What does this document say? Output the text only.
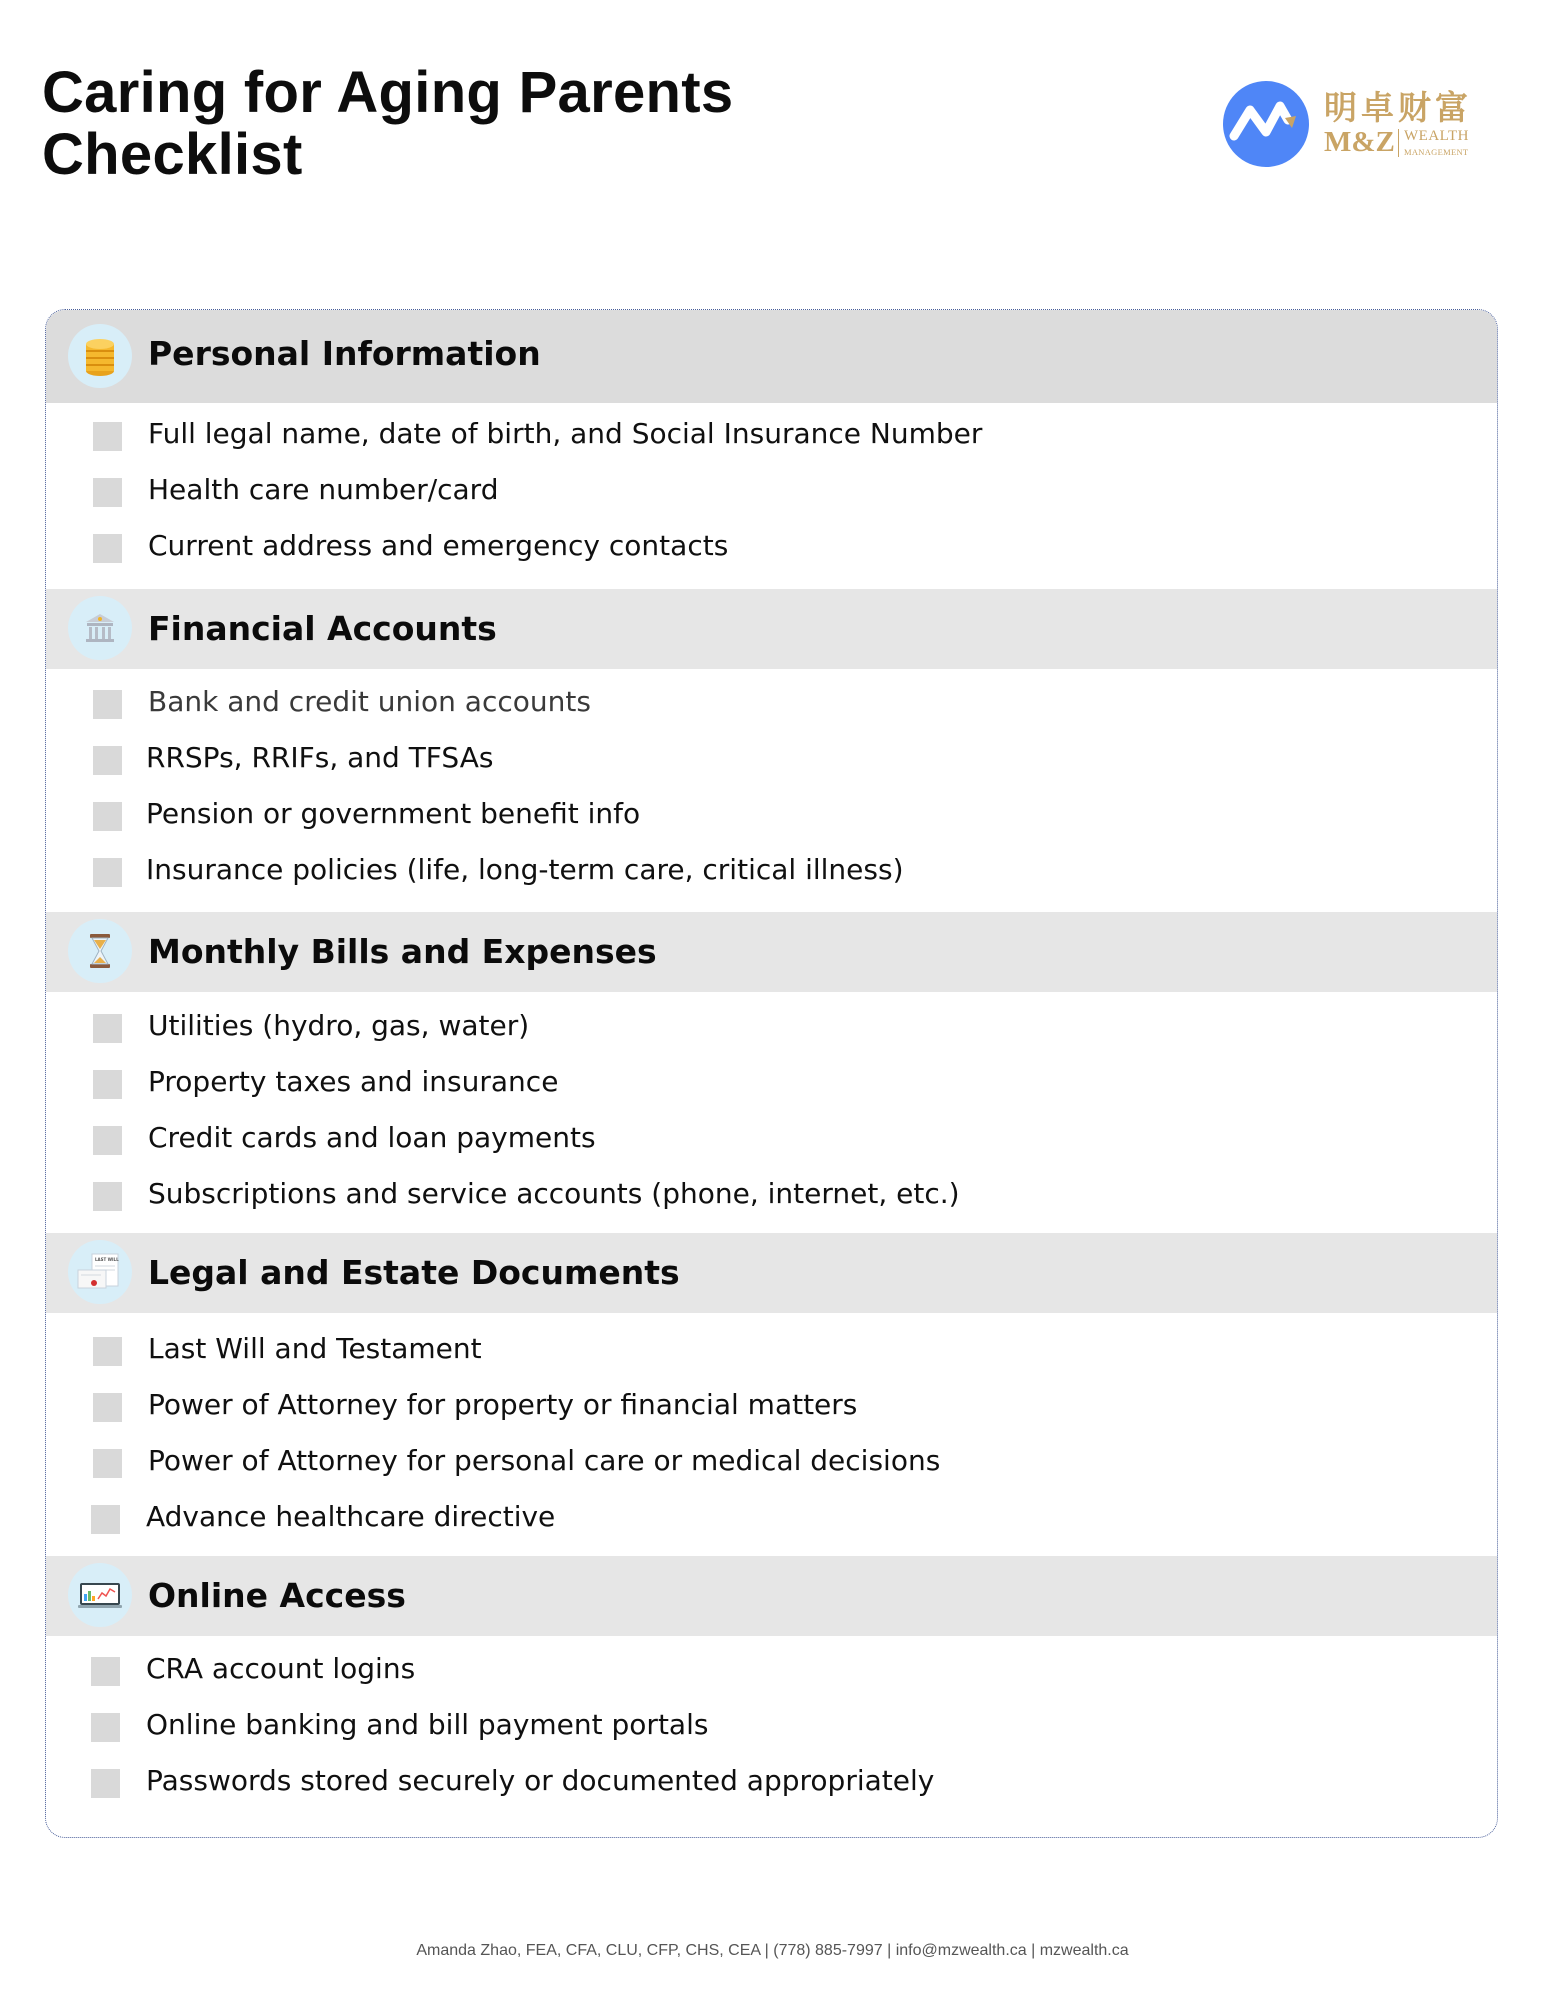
Caring for Aging Parents
Checklist
明卓财富
M&Z WEALTH
MANAGEMENT
Personal Information
Full legal name, date of birth, and Social Insurance Number
Health care number/card
Current address and emergency contacts
Financial Accounts
Bank and credit union accounts
RRSPs, RRIFs, and TFSAs
Pension or government benefit info
Insurance policies (life, long-term care, critical illness)
Monthly Bills and Expenses
Utilities (hydro, gas, water)
Property taxes and insurance
Credit cards and loan payments
Subscriptions and service accounts (phone, internet, etc.)
LAST WILL Legal and Estate Documents
Last Will and Testament
Power of Attorney for property or financial matters
Power of Attorney for personal care or medical decisions
Advance healthcare directive
Online Access
CRA account logins
Online banking and bill payment portals
Passwords stored securely or documented appropriately
Amanda Zhao, FEA, CFA, CLU, CFP, CHS, CEA | (778) 885-7997 | info@mzwealth.ca | mzwealth.ca
